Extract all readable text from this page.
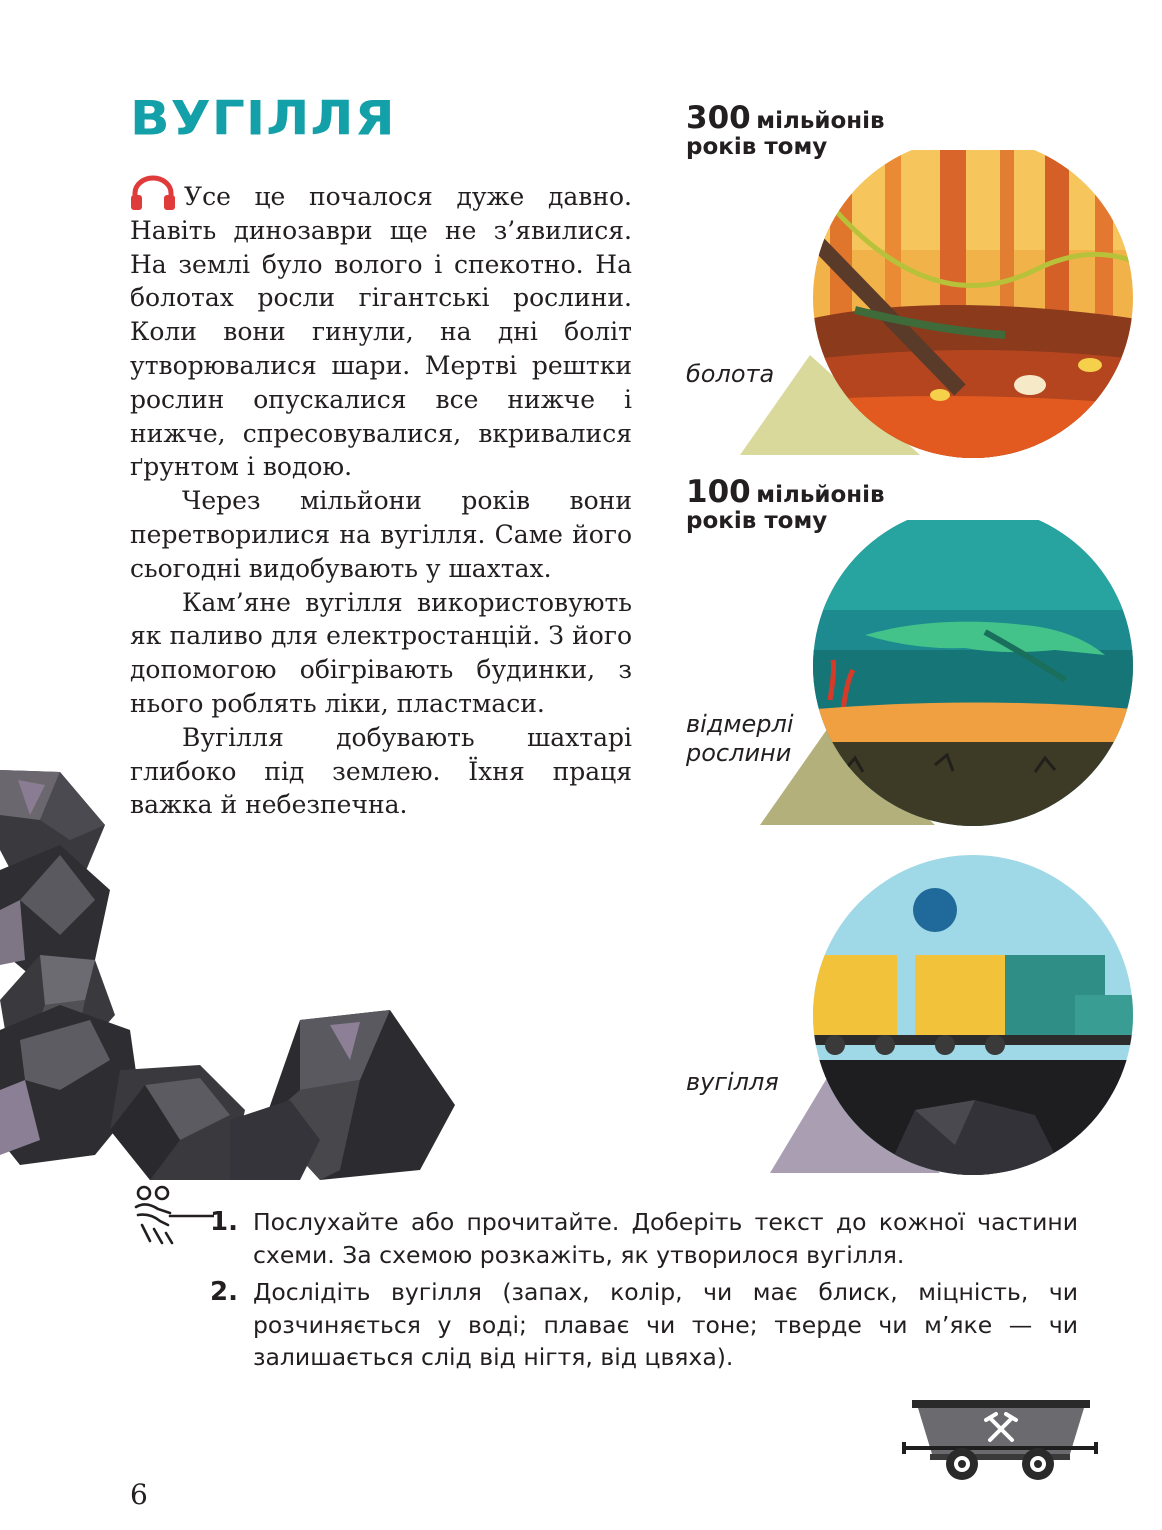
ВУГІЛЛЯ

Усе це почалося дуже давно. Навіть динозаври ще не з’явилися. На землі було волого і спекотно. На болотах росли гігантські рослини. Коли вони гинули, на дні боліт утворювалися шари. Мертві рештки рослин опускалися все нижче і нижче, спресовувалися, вкривалися ґрунтом і водою.

Через мільйони років вони перетворилися на вугілля. Саме його сьогодні видобувають у шахтах.

Кам’яне вугілля використовують як паливо для електростанцій. З його допомогою обігрівають будинки, з нього роблять ліки, пластмаси.

Вугілля добувають шахтарі глибоко під землею. Їхня праця важка й небезпечна.

300 мільйонів
років тому
болота
100 мільйонів
років тому
відмерлі
рослини
вугілля
1. Послухайте або прочитайте. Доберіть текст до кожної частини схеми. За схемою розкажіть, як утворилося вугілля.
2. Дослідіть вугілля (запах, колір, чи має блиск, міцність, чи розчиняється у воді; плаває чи тоне; тверде чи м’яке — чи залишається слід від нігтя, від цвяха).
6
